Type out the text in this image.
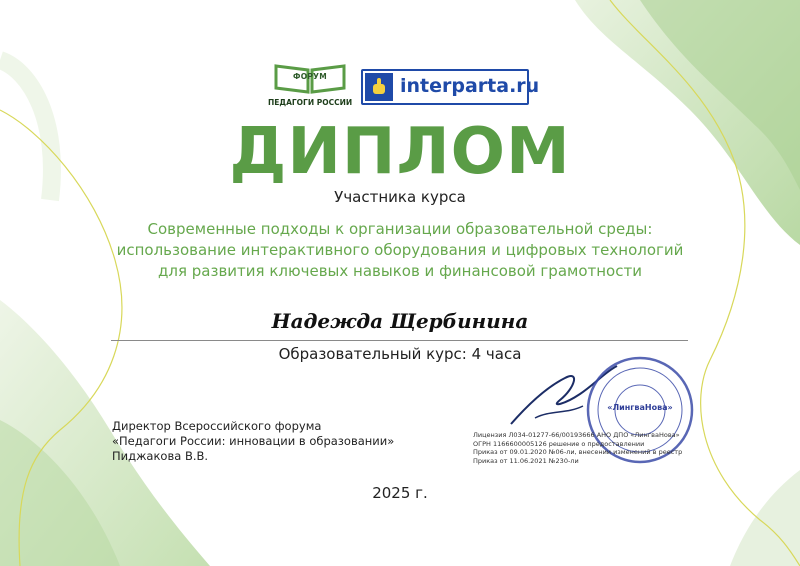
ФОРУМ
ПЕДАГОГИ РОССИИ
interparta.ru
ДИПЛОМ
Участника курса
Современные подходы к организации образовательной среды:
использование интерактивного оборудования и цифровых технологий
для развития ключевых навыков и финансовой грамотности
Надежда Щербинина
Образовательный курс: 4 часа
Директор Всероссийского форума
«Педагоги России: инновации в образовании»
Пиджакова В.В.
«ЛингваНова»
Лицензия Л034-01277-66/00193666 АНО ДПО «ЛингваНова»
ОГРН 1166600005126 решение о предоставлении
Приказ от 09.01.2020 №06-ли, внесении изменений в реестр
Приказ от 11.06.2021 №230-ли
2025 г.
